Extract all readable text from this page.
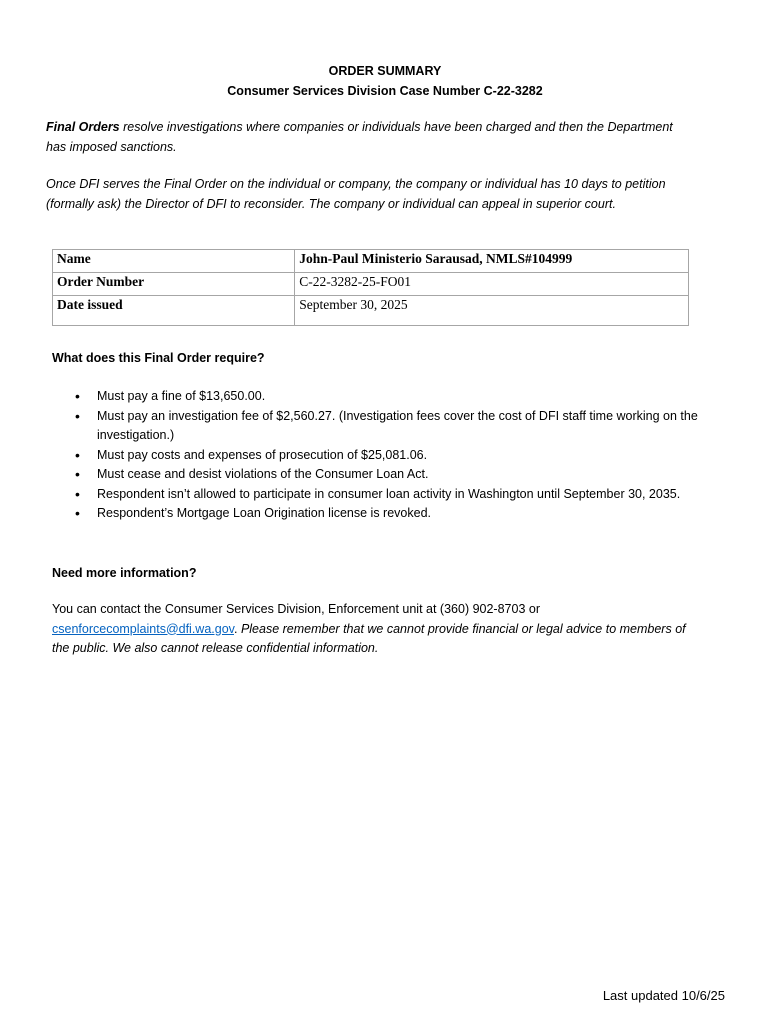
ORDER SUMMARY
Consumer Services Division Case Number C-22-3282
Final Orders resolve investigations where companies or individuals have been charged and then the Department has imposed sanctions.
Once DFI serves the Final Order on the individual or company, the company or individual has 10 days to petition (formally ask) the Director of DFI to reconsider. The company or individual can appeal in superior court.
Name	John-Paul Ministerio Sarausad, NMLS#104999
Order Number	C-22-3282-25-FO01
Date issued	September 30, 2025
What does this Final Order require?
• Must pay a fine of $13,650.00.
• Must pay an investigation fee of $2,560.27. (Investigation fees cover the cost of DFI staff time working on the investigation.)
• Must pay costs and expenses of prosecution of $25,081.06.
• Must cease and desist violations of the Consumer Loan Act.
• Respondent isn’t allowed to participate in consumer loan activity in Washington until September 30, 2035.
• Respondent’s Mortgage Loan Origination license is revoked.
Need more information?
You can contact the Consumer Services Division, Enforcement unit at (360) 902-8703 or csenforcecomplaints@dfi.wa.gov. Please remember that we cannot provide financial or legal advice to members of the public. We also cannot release confidential information.
Last updated 10/6/25
